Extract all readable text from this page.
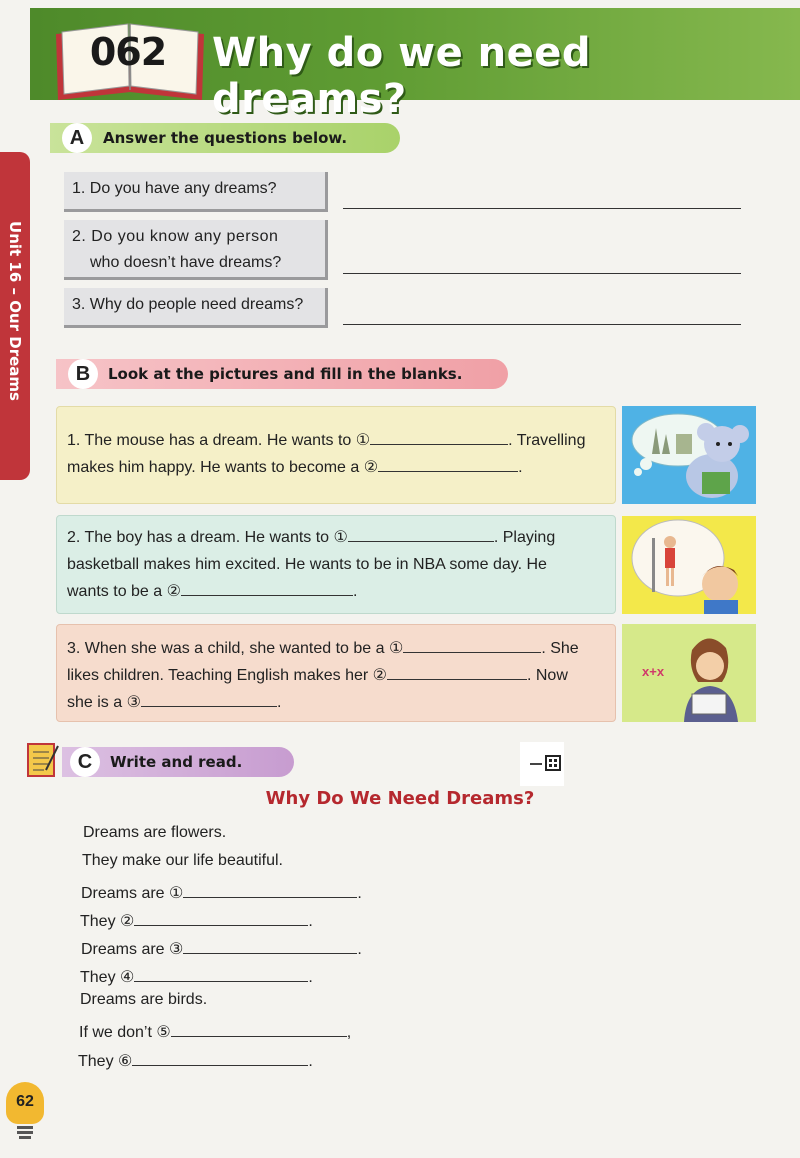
062 Why do we need dreams?
Unit 16 – Our Dreams
A	Answer the questions below.
1. Do you have any dreams?
2. Do you know any person
who doesn’t have dreams?
3. Why do people need dreams?
B	Look at the pictures and fill in the blanks.
1. The mouse has a dream. He wants to ①	. Travelling
makes him happy. He wants to become a ②	.
2. The boy has a dream. He wants to ①	. Playing
basketball makes him excited. He wants to be in NBA some day. He
wants to be a ②	.
3. When she was a child, she wanted to be a ①	. She
likes children. Teaching English makes her ②	. Now
she is a ③	.
x+x
C	Write and read.
Why Do We Need Dreams?
Dreams are flowers.
They make our life beautiful.
Dreams are ①	.
They ②	.
Dreams are ③	.
They ④	.
Dreams are birds.
If we don’t ⑤	,
They ⑥	.
62
